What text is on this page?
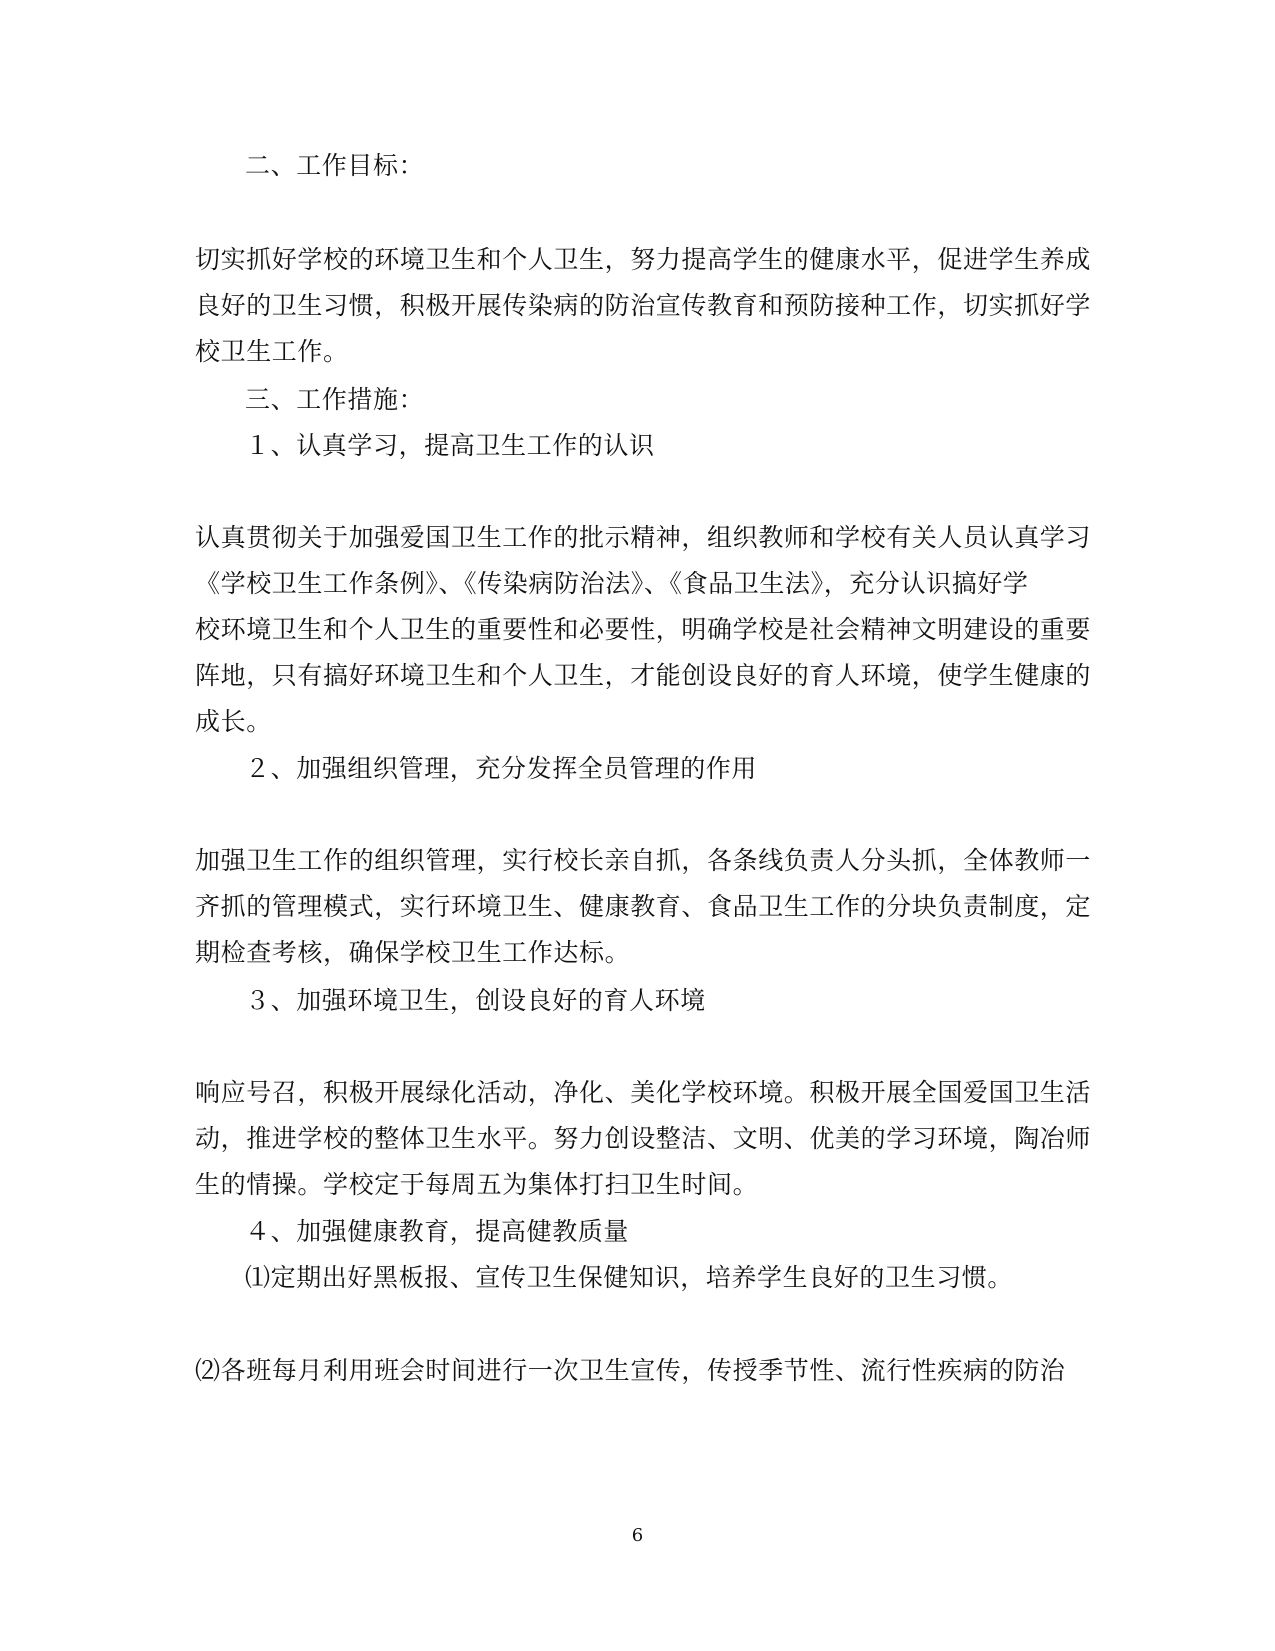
二、工作目标：
切实抓好学校的环境卫生和个人卫生，努力提高学生的健康水平，促进学生养成
良好的卫生习惯，积极开展传染病的防治宣传教育和预防接种工作，切实抓好学
校卫生工作。
三、工作措施：
１、认真学习，提高卫生工作的认识
认真贯彻关于加强爱国卫生工作的批示精神，组织教师和学校有关人员认真学习
《学校卫生工作条例》、《传染病防治法》、《食品卫生法》，充分认识搞好学
校环境卫生和个人卫生的重要性和必要性，明确学校是社会精神文明建设的重要
阵地，只有搞好环境卫生和个人卫生，才能创设良好的育人环境，使学生健康的
成长。
２、加强组织管理，充分发挥全员管理的作用
加强卫生工作的组织管理，实行校长亲自抓，各条线负责人分头抓，全体教师一
齐抓的管理模式，实行环境卫生、健康教育、食品卫生工作的分块负责制度，定
期检查考核，确保学校卫生工作达标。
３、加强环境卫生，创设良好的育人环境
响应号召，积极开展绿化活动，净化、美化学校环境。积极开展全国爱国卫生活
动，推进学校的整体卫生水平。努力创设整洁、文明、优美的学习环境，陶冶师
生的情操。学校定于每周五为集体打扫卫生时间。
４、加强健康教育，提高健教质量
⑴定期出好黑板报、宣传卫生保健知识，培养学生良好的卫生习惯。
⑵各班每月利用班会时间进行一次卫生宣传，传授季节性、流行性疾病的防治
6
